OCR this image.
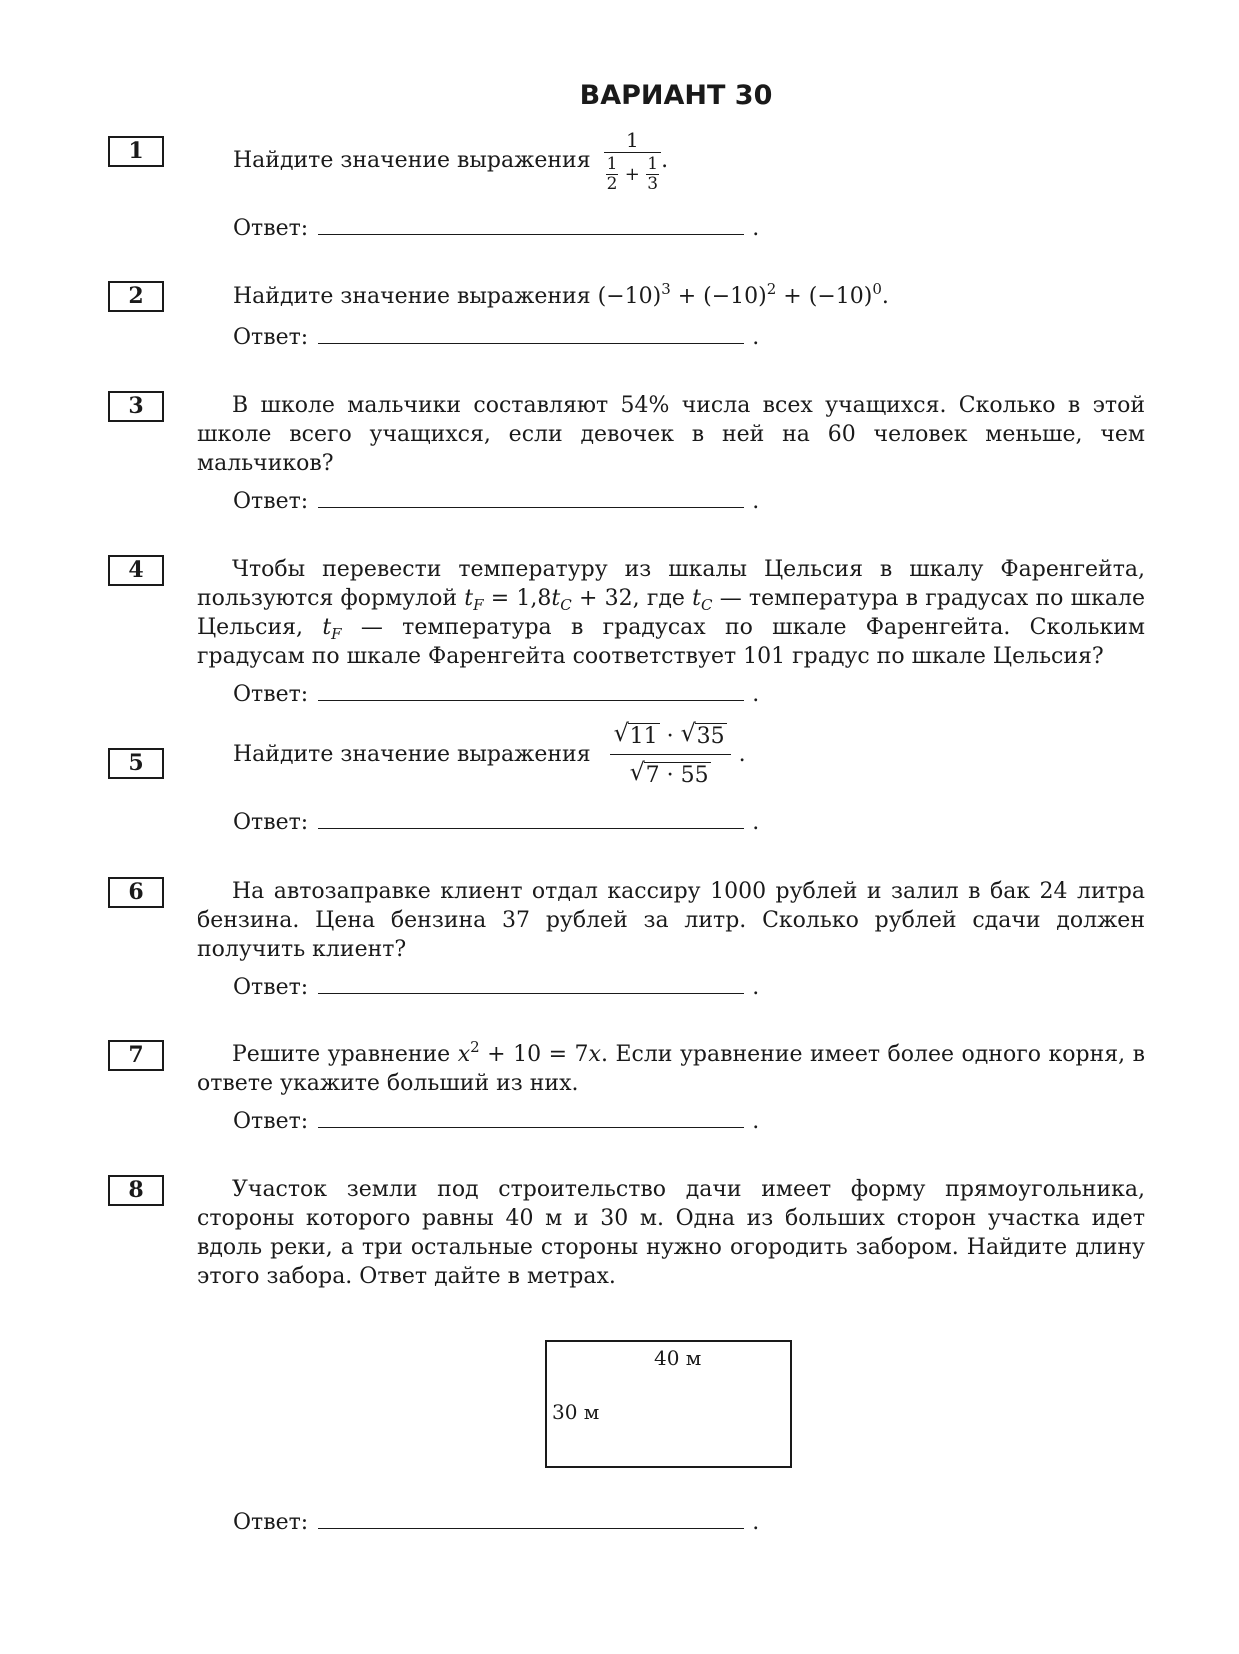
ВАРИАНТ 30
1	Найдите значение выражения $\frac{1}{\frac{1}{2} + \frac{1}{3}}$ .
Ответ:	.
2	Найдите значение выражения $(-10)^3 + (-10)^2 + (-10)^0$.
Ответ:	.
3	В школе мальчики составляют 54% числа всех учащихся. Сколько в этой школе всего учащихся, если девочек в ней на 60 человек меньше, чем мальчиков?
Ответ:	.
4	Чтобы перевести температуру из шкалы Цельсия в шкалу Фаренгейта, пользуются формулой $t_F = 1,8t_C + 32$, где $t_C$ — температура в градусах по шкале Цельсия, $t_F$ — температура в градусах по шкале Фаренгейта. Скольким градусам по шкале Фаренгейта соответствует 101 градус по шкале Цельсия?
Ответ:	.
5	Найдите значение выражения $\frac{√ 11 \cdot √ 35}{√ 7 \cdot 55}$ .
Ответ:	.
6	На автозаправке клиент отдал кассиру 1000 рублей и залил в бак 24 литра бензина. Цена бензина 37 рублей за литр. Сколько рублей сдачи должен получить клиент?
Ответ:	.
7	Решите уравнение $x^2 + 10 = 7x$. Если уравнение имеет более одного корня, в ответе укажите больший из них.
Ответ:	.
8	Участок земли под строительство дачи имеет форму прямоугольника, стороны которого равны 40 м и 30 м. Одна из больших сторон участка идет вдоль реки, а три остальные стороны нужно огородить забором. Найдите длину этого забора. Ответ дайте в метрах.
40 м
30 м
Ответ:	.
